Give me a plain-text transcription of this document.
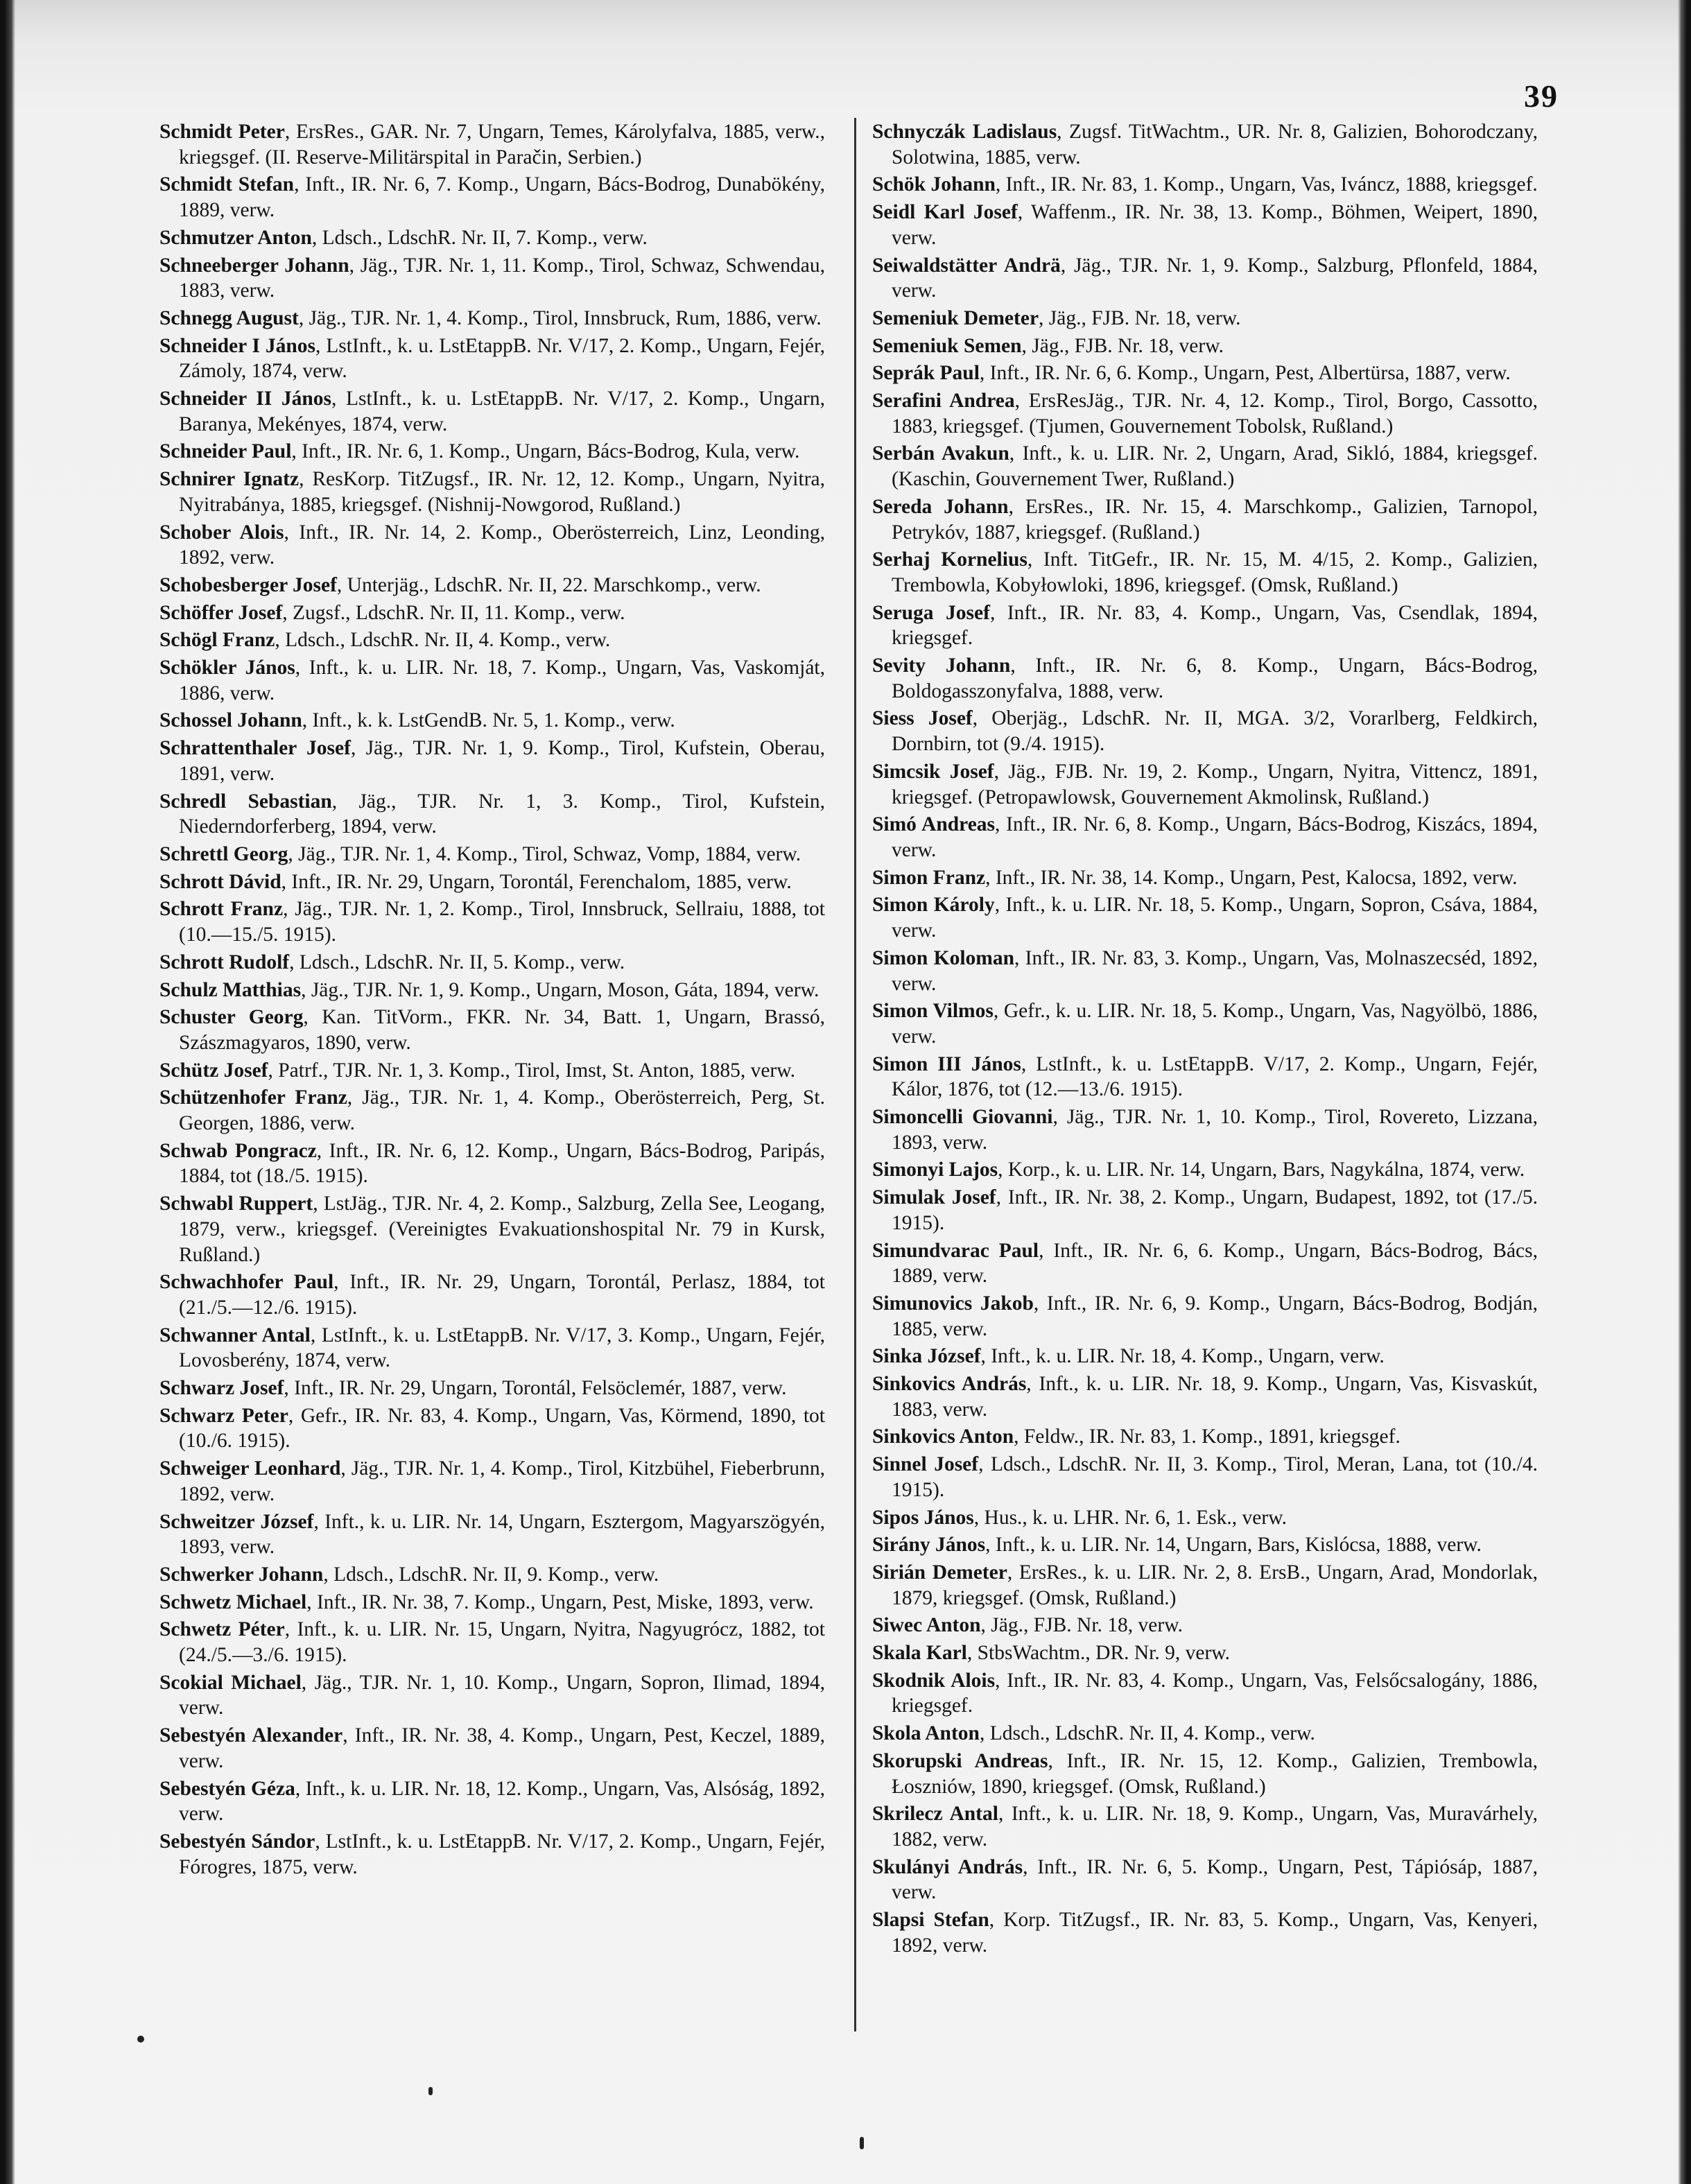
39

Schmidt Peter, ErsRes., GAR. Nr. 7, Ungarn, Temes, Károlyfalva, 1885, verw., kriegsgef. (II. Reserve-Militärspital in Paračin, Serbien.)

Schmidt Stefan, Inft., IR. Nr. 6, 7. Komp., Ungarn, Bács-Bodrog, Dunabökény, 1889, verw.

Schmutzer Anton, Ldsch., LdschR. Nr. II, 7. Komp., verw.

Schneeberger Johann, Jäg., TJR. Nr. 1, 11. Komp., Tirol, Schwaz, Schwendau, 1883, verw.

Schnegg August, Jäg., TJR. Nr. 1, 4. Komp., Tirol, Innsbruck, Rum, 1886, verw.

Schneider I János, LstInft., k. u. LstEtappB. Nr. V/17, 2. Komp., Ungarn, Fejér, Zámoly, 1874, verw.

Schneider II János, LstInft., k. u. LstEtappB. Nr. V/17, 2. Komp., Ungarn, Baranya, Mekényes, 1874, verw.

Schneider Paul, Inft., IR. Nr. 6, 1. Komp., Ungarn, Bács-Bodrog, Kula, verw.

Schnirer Ignatz, ResKorp. TitZugsf., IR. Nr. 12, 12. Komp., Ungarn, Nyitra, Nyitrabánya, 1885, kriegsgef. (Nishnij-Nowgorod, Rußland.)

Schober Alois, Inft., IR. Nr. 14, 2. Komp., Oberösterreich, Linz, Leonding, 1892, verw.

Schobesberger Josef, Unterjäg., LdschR. Nr. II, 22. Marschkomp., verw.

Schöffer Josef, Zugsf., LdschR. Nr. II, 11. Komp., verw.

Schögl Franz, Ldsch., LdschR. Nr. II, 4. Komp., verw.

Schökler János, Inft., k. u. LIR. Nr. 18, 7. Komp., Ungarn, Vas, Vaskomját, 1886, verw.

Schossel Johann, Inft., k. k. LstGendB. Nr. 5, 1. Komp., verw.

Schrattenthaler Josef, Jäg., TJR. Nr. 1, 9. Komp., Tirol, Kufstein, Oberau, 1891, verw.

Schredl Sebastian, Jäg., TJR. Nr. 1, 3. Komp., Tirol, Kufstein, Niederndorferberg, 1894, verw.

Schrettl Georg, Jäg., TJR. Nr. 1, 4. Komp., Tirol, Schwaz, Vomp, 1884, verw.

Schrott Dávid, Inft., IR. Nr. 29, Ungarn, Torontál, Ferenchalom, 1885, verw.

Schrott Franz, Jäg., TJR. Nr. 1, 2. Komp., Tirol, Innsbruck, Sellraiu, 1888, tot (10.—15./5. 1915).

Schrott Rudolf, Ldsch., LdschR. Nr. II, 5. Komp., verw.

Schulz Matthias, Jäg., TJR. Nr. 1, 9. Komp., Ungarn, Moson, Gáta, 1894, verw.

Schuster Georg, Kan. TitVorm., FKR. Nr. 34, Batt. 1, Ungarn, Brassó, Szászmagyaros, 1890, verw.

Schütz Josef, Patrf., TJR. Nr. 1, 3. Komp., Tirol, Imst, St. Anton, 1885, verw.

Schützenhofer Franz, Jäg., TJR. Nr. 1, 4. Komp., Oberösterreich, Perg, St. Georgen, 1886, verw.

Schwab Pongracz, Inft., IR. Nr. 6, 12. Komp., Ungarn, Bács-Bodrog, Paripás, 1884, tot (18./5. 1915).

Schwabl Ruppert, LstJäg., TJR. Nr. 4, 2. Komp., Salzburg, Zella See, Leogang, 1879, verw., kriegsgef. (Vereinigtes Evakuationshospital Nr. 79 in Kursk, Rußland.)

Schwachhofer Paul, Inft., IR. Nr. 29, Ungarn, Torontál, Perlasz, 1884, tot (21./5.—12./6. 1915).

Schwanner Antal, LstInft., k. u. LstEtappB. Nr. V/17, 3. Komp., Ungarn, Fejér, Lovosberény, 1874, verw.

Schwarz Josef, Inft., IR. Nr. 29, Ungarn, Torontál, Felsöclemér, 1887, verw.

Schwarz Peter, Gefr., IR. Nr. 83, 4. Komp., Ungarn, Vas, Körmend, 1890, tot (10./6. 1915).

Schweiger Leonhard, Jäg., TJR. Nr. 1, 4. Komp., Tirol, Kitzbühel, Fieberbrunn, 1892, verw.

Schweitzer József, Inft., k. u. LIR. Nr. 14, Ungarn, Esztergom, Magyarszögyén, 1893, verw.

Schwerker Johann, Ldsch., LdschR. Nr. II, 9. Komp., verw.

Schwetz Michael, Inft., IR. Nr. 38, 7. Komp., Ungarn, Pest, Miske, 1893, verw.

Schwetz Péter, Inft., k. u. LIR. Nr. 15, Ungarn, Nyitra, Nagyugrócz, 1882, tot (24./5.—3./6. 1915).

Scokial Michael, Jäg., TJR. Nr. 1, 10. Komp., Ungarn, Sopron, Ilimad, 1894, verw.

Sebestyén Alexander, Inft., IR. Nr. 38, 4. Komp., Ungarn, Pest, Keczel, 1889, verw.

Sebestyén Géza, Inft., k. u. LIR. Nr. 18, 12. Komp., Ungarn, Vas, Alsóság, 1892, verw.

Sebestyén Sándor, LstInft., k. u. LstEtappB. Nr. V/17, 2. Komp., Ungarn, Fejér, Fórogres, 1875, verw.

Schnyczák Ladislaus, Zugsf. TitWachtm., UR. Nr. 8, Galizien, Bohorodczany, Solotwina, 1885, verw.

Schök Johann, Inft., IR. Nr. 83, 1. Komp., Ungarn, Vas, Iváncz, 1888, kriegsgef.

Seidl Karl Josef, Waffenm., IR. Nr. 38, 13. Komp., Böhmen, Weipert, 1890, verw.

Seiwaldstätter Andrä, Jäg., TJR. Nr. 1, 9. Komp., Salzburg, Pflonfeld, 1884, verw.

Semeniuk Demeter, Jäg., FJB. Nr. 18, verw.

Semeniuk Semen, Jäg., FJB. Nr. 18, verw.

Seprák Paul, Inft., IR. Nr. 6, 6. Komp., Ungarn, Pest, Albertürsa, 1887, verw.

Serafini Andrea, ErsResJäg., TJR. Nr. 4, 12. Komp., Tirol, Borgo, Cassotto, 1883, kriegsgef. (Tjumen, Gouvernement Tobolsk, Rußland.)

Serbán Avakun, Inft., k. u. LIR. Nr. 2, Ungarn, Arad, Sikló, 1884, kriegsgef. (Kaschin, Gouvernement Twer, Rußland.)

Sereda Johann, ErsRes., IR. Nr. 15, 4. Marschkomp., Galizien, Tarnopol, Petrykóv, 1887, kriegsgef. (Rußland.)

Serhaj Kornelius, Inft. TitGefr., IR. Nr. 15, M. 4/15, 2. Komp., Galizien, Trembowla, Kobyłowloki, 1896, kriegsgef. (Omsk, Rußland.)

Seruga Josef, Inft., IR. Nr. 83, 4. Komp., Ungarn, Vas, Csendlak, 1894, kriegsgef.

Sevity Johann, Inft., IR. Nr. 6, 8. Komp., Ungarn, Bács-Bodrog, Boldogasszonyfalva, 1888, verw.

Siess Josef, Oberjäg., LdschR. Nr. II, MGA. 3/2, Vorarlberg, Feldkirch, Dornbirn, tot (9./4. 1915).

Simcsik Josef, Jäg., FJB. Nr. 19, 2. Komp., Ungarn, Nyitra, Vittencz, 1891, kriegsgef. (Petropawlowsk, Gouvernement Akmolinsk, Rußland.)

Simó Andreas, Inft., IR. Nr. 6, 8. Komp., Ungarn, Bács-Bodrog, Kiszács, 1894, verw.

Simon Franz, Inft., IR. Nr. 38, 14. Komp., Ungarn, Pest, Kalocsa, 1892, verw.

Simon Károly, Inft., k. u. LIR. Nr. 18, 5. Komp., Ungarn, Sopron, Csáva, 1884, verw.

Simon Koloman, Inft., IR. Nr. 83, 3. Komp., Ungarn, Vas, Molnaszecséd, 1892, verw.

Simon Vilmos, Gefr., k. u. LIR. Nr. 18, 5. Komp., Ungarn, Vas, Nagyölbö, 1886, verw.

Simon III János, LstInft., k. u. LstEtappB. V/17, 2. Komp., Ungarn, Fejér, Kálor, 1876, tot (12.—13./6. 1915).

Simoncelli Giovanni, Jäg., TJR. Nr. 1, 10. Komp., Tirol, Rovereto, Lizzana, 1893, verw.

Simonyi Lajos, Korp., k. u. LIR. Nr. 14, Ungarn, Bars, Nagykálna, 1874, verw.

Simulak Josef, Inft., IR. Nr. 38, 2. Komp., Ungarn, Budapest, 1892, tot (17./5. 1915).

Simundvarac Paul, Inft., IR. Nr. 6, 6. Komp., Ungarn, Bács-Bodrog, Bács, 1889, verw.

Simunovics Jakob, Inft., IR. Nr. 6, 9. Komp., Ungarn, Bács-Bodrog, Bodján, 1885, verw.

Sinka József, Inft., k. u. LIR. Nr. 18, 4. Komp., Ungarn, verw.

Sinkovics András, Inft., k. u. LIR. Nr. 18, 9. Komp., Ungarn, Vas, Kisvaskút, 1883, verw.

Sinkovics Anton, Feldw., IR. Nr. 83, 1. Komp., 1891, kriegsgef.

Sinnel Josef, Ldsch., LdschR. Nr. II, 3. Komp., Tirol, Meran, Lana, tot (10./4. 1915).

Sipos János, Hus., k. u. LHR. Nr. 6, 1. Esk., verw.

Sirány János, Inft., k. u. LIR. Nr. 14, Ungarn, Bars, Kislócsa, 1888, verw.

Sirián Demeter, ErsRes., k. u. LIR. Nr. 2, 8. ErsB., Ungarn, Arad, Mondorlak, 1879, kriegsgef. (Omsk, Rußland.)

Siwec Anton, Jäg., FJB. Nr. 18, verw.

Skala Karl, StbsWachtm., DR. Nr. 9, verw.

Skodnik Alois, Inft., IR. Nr. 83, 4. Komp., Ungarn, Vas, Felsőcsalogány, 1886, kriegsgef.

Skola Anton, Ldsch., LdschR. Nr. II, 4. Komp., verw.

Skorupski Andreas, Inft., IR. Nr. 15, 12. Komp., Galizien, Trembowla, Łoszniów, 1890, kriegsgef. (Omsk, Rußland.)

Skrilecz Antal, Inft., k. u. LIR. Nr. 18, 9. Komp., Ungarn, Vas, Muravárhely, 1882, verw.

Skulányi András, Inft., IR. Nr. 6, 5. Komp., Ungarn, Pest, Tápiósáp, 1887, verw.

Slapsi Stefan, Korp. TitZugsf., IR. Nr. 83, 5. Komp., Ungarn, Vas, Kenyeri, 1892, verw.
